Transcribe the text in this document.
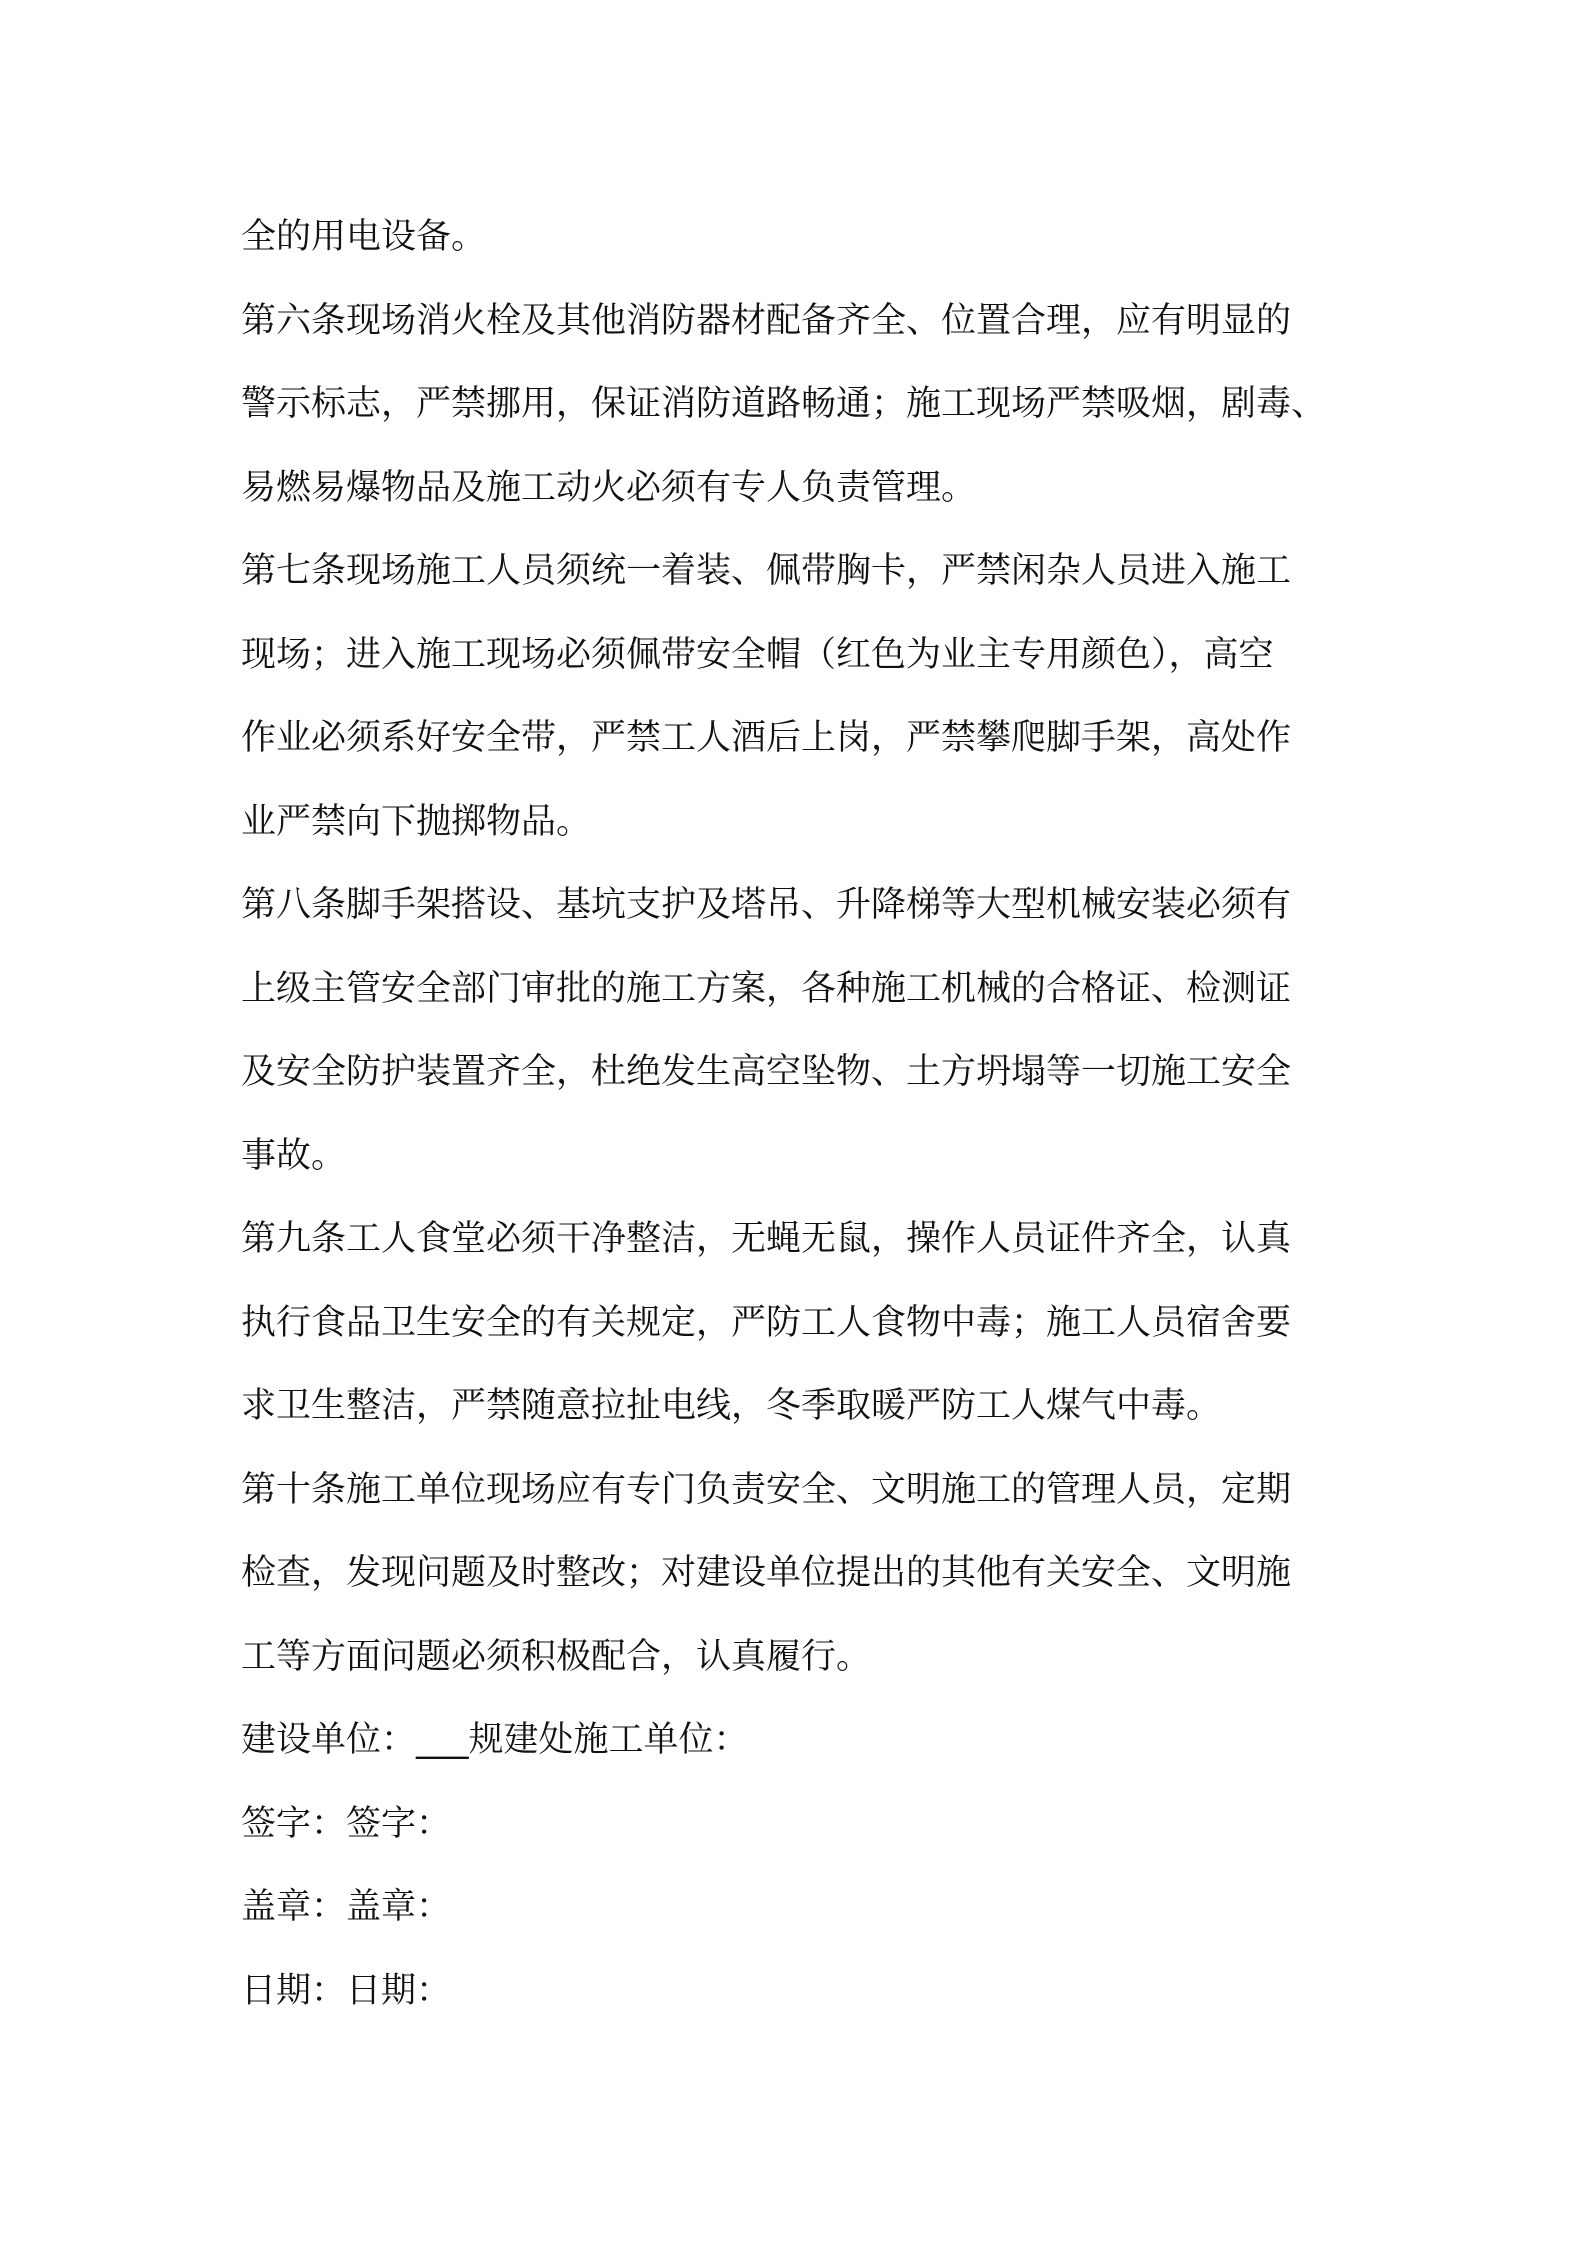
全的用电设备。
第六条现场消火栓及其他消防器材配备齐全、位置合理，应有明显的
警示标志，严禁挪用，保证消防道路畅通；施工现场严禁吸烟，剧毒、
易燃易爆物品及施工动火必须有专人负责管理。
第七条现场施工人员须统一着装、佩带胸卡，严禁闲杂人员进入施工
现场；进入施工现场必须佩带安全帽（红色为业主专用颜色），高空
作业必须系好安全带，严禁工人酒后上岗，严禁攀爬脚手架，高处作
业严禁向下抛掷物品。
第八条脚手架搭设、基坑支护及塔吊、升降梯等大型机械安装必须有
上级主管安全部门审批的施工方案，各种施工机械的合格证、检测证
及安全防护装置齐全，杜绝发生高空坠物、土方坍塌等一切施工安全
事故。
第九条工人食堂必须干净整洁，无蝇无鼠，操作人员证件齐全，认真
执行食品卫生安全的有关规定，严防工人食物中毒；施工人员宿舍要
求卫生整洁，严禁随意拉扯电线，冬季取暖严防工人煤气中毒。
第十条施工单位现场应有专门负责安全、文明施工的管理人员，定期
检查，发现问题及时整改；对建设单位提出的其他有关安全、文明施
工等方面问题必须积极配合，认真履行。
建设单位：___规建处施工单位：
签字：签字：
盖章：盖章：
日期：日期：
